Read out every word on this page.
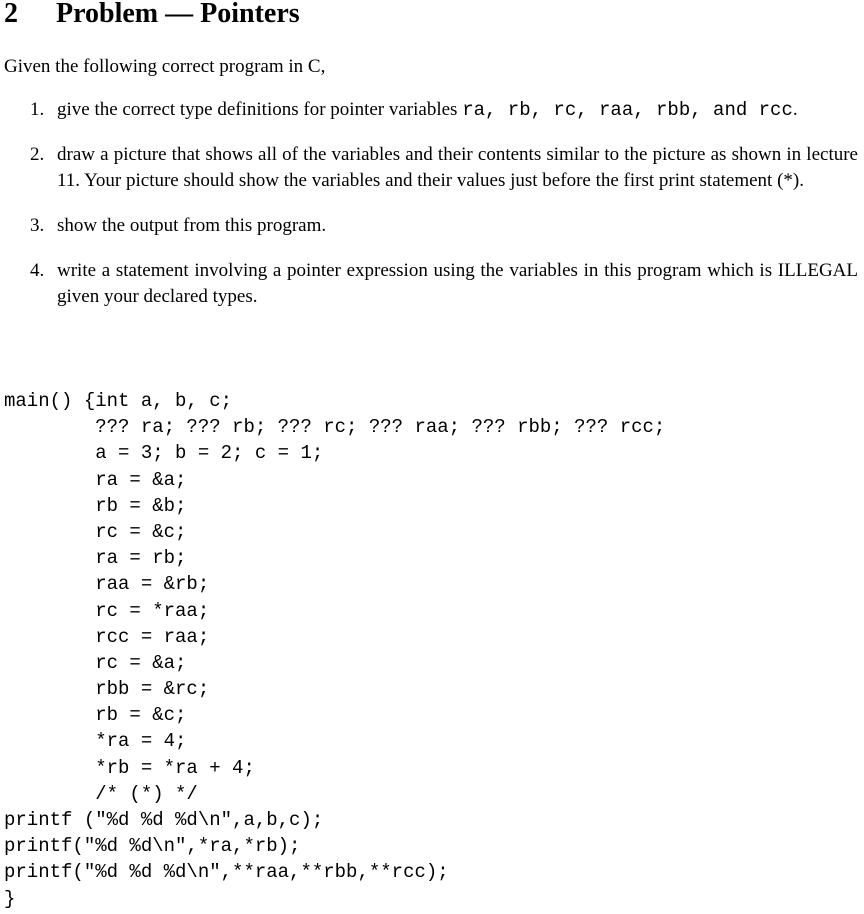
2 Problem — Pointers
Given the following correct program in C,
1. give the correct type definitions for pointer variables ra, rb, rc, raa, rbb, and rcc.
2. draw a picture that shows all of the variables and their contents similar to the picture as shown in lecture 11. Your picture should show the variables and their values just before the first print statement (*).
3. show the output from this program.
4. write a statement involving a pointer expression using the variables in this program which is ILLEGAL given your declared types.
main() {int a, b, c;
??? ra; ??? rb; ??? rc; ??? raa; ??? rbb; ??? rcc;
a = 3; b = 2; c = 1;
ra = &a;
rb = &b;
rc = &c;
ra = rb;
raa = &rb;
rc = *raa;
rcc = raa;
rc = &a;
rbb = &rc;
rb = &c;
*ra = 4;
*rb = *ra + 4;
/* (*) */
printf ("%d %d %d\n",a,b,c);
printf("%d %d\n",*ra,*rb);
printf("%d %d %d\n",**raa,**rbb,**rcc);
}
